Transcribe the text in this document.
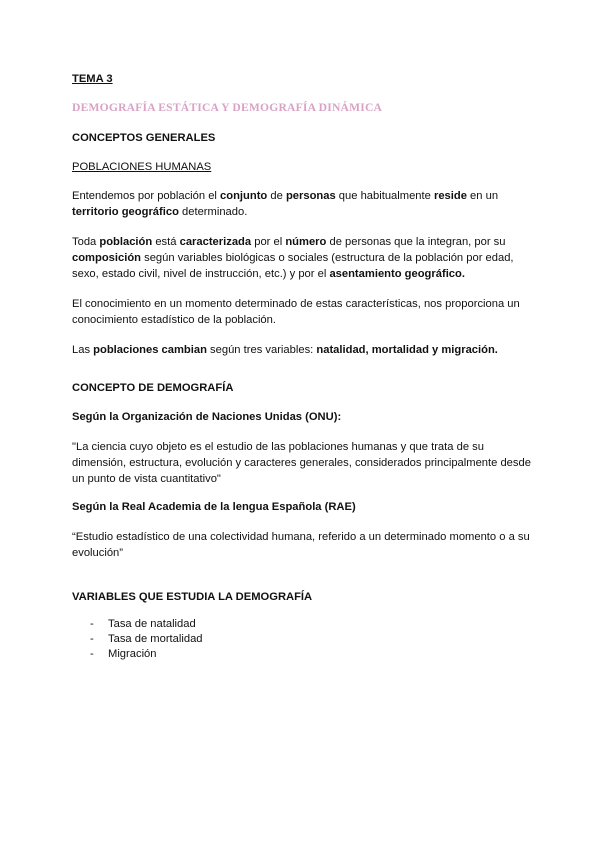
TEMA 3

DEMOGRAFÍA ESTÁTICA Y DEMOGRAFÍA DINÁMICA

CONCEPTOS GENERALES

POBLACIONES HUMANAS

Entendemos por población el conjunto de personas que habitualmente reside en un territorio geográfico determinado.

Toda población está caracterizada por el número de personas que la integran, por su composición según variables biológicas o sociales (estructura de la población por edad, sexo, estado civil, nivel de instrucción, etc.) y por el asentamiento geográfico.

El conocimiento en un momento determinado de estas características, nos proporciona un conocimiento estadístico de la población.

Las poblaciones cambian según tres variables: natalidad, mortalidad y migración.

CONCEPTO DE DEMOGRAFÍA

Según la Organización de Naciones Unidas (ONU):

"La ciencia cuyo objeto es el estudio de las poblaciones humanas y que trata de su dimensión, estructura, evolución y caracteres generales, considerados principalmente desde un punto de vista cuantitativo"

Según la Real Academia de la lengua Española (RAE)

“Estudio estadístico de una colectividad humana, referido a un determinado momento o a su evolución”

VARIABLES QUE ESTUDIA LA DEMOGRAFÍA

- Tasa de natalidad
- Tasa de mortalidad
- Migración
